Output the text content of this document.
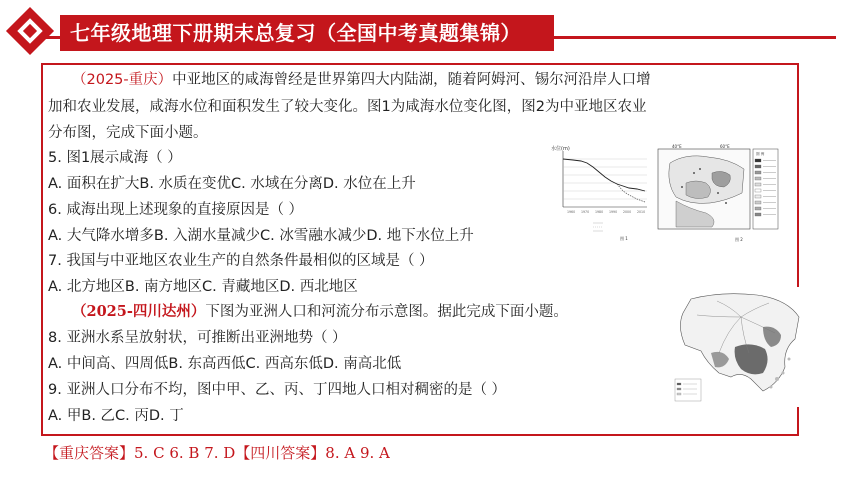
七年级地理下册期末总复习（全国中考真题集锦）
（2025-重庆）中亚地区的咸海曾经是世界第四大内陆湖，随着阿姆河、锡尔河沿岸人口增
加和农业发展，咸海水位和面积发生了较大变化。图1为咸海水位变化图，图2为中亚地区农业
分布图，完成下面小题。
5. 图1展示咸海（ ）
A. 面积在扩大B. 水质在变优C. 水域在分离D. 水位在上升
6. 咸海出现上述现象的直接原因是（ ）
A. 大气降水增多B. 入湖水量减少C. 冰雪融水减少D. 地下水位上升
7. 我国与中亚地区农业生产的自然条件最相似的区域是（ ）
A. 北方地区B. 南方地区C. 青藏地区D. 西北地区
（2025-四川达州）下图为亚洲人口和河流分布示意图。据此完成下面小题。
8. 亚洲水系呈放射状，可推断出亚洲地势（ ）
A. 中间高、四周低B. 东高西低C. 西高东低D. 南高北低
9. 亚洲人口分布不均，图中甲、乙、丙、丁四地人口相对稠密的是（ ）
A. 甲B. 乙C. 丙D. 丁
水位(m)
1960 1970 1980 1990 2000 2010
图 1
40°E	60°E
图 例
图 2
【重庆答案】5. C 6. B 7. D【四川答案】8. A 9. A
